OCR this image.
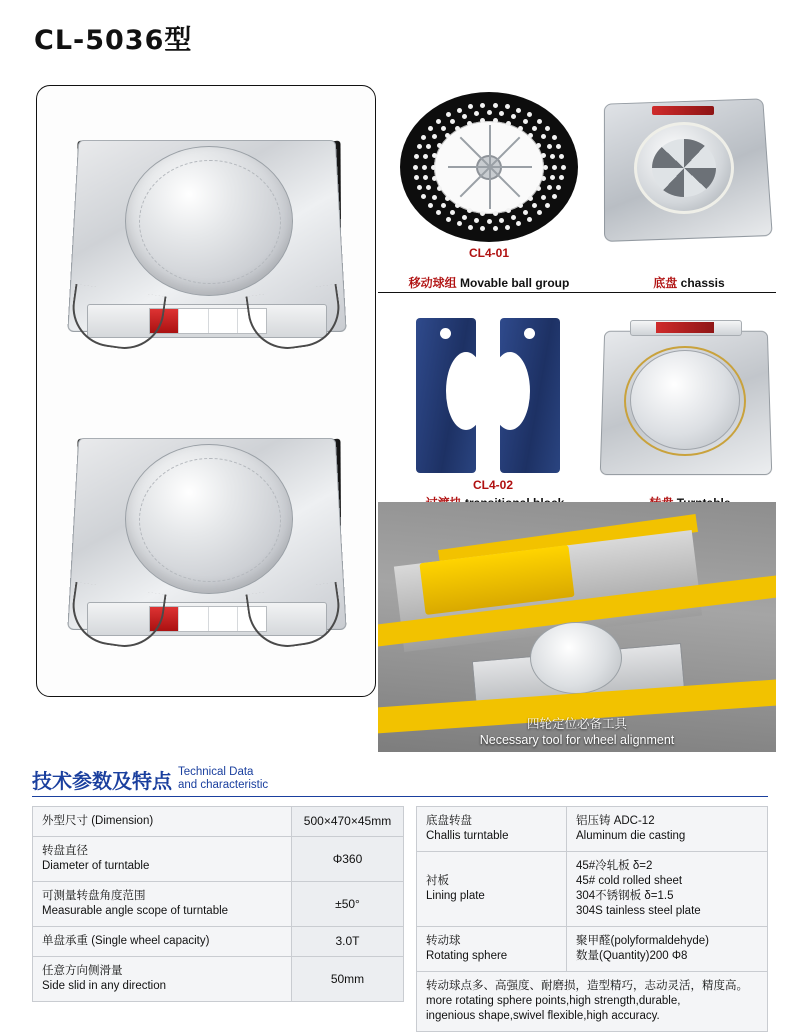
CL-5036型
CL4-01
移动球组 Movable ball group	底盘 chassis
CL4-02
四轮定位必备工具
Necessary tool for wheel alignment
技术参数及特点 Technical Data
and characteristic
外型尺寸 (Dimension)	500×470×45mm

转盘直径
Diameter of turntable	Φ360

可测量转盘角度范围
Measurable angle scope of turntable	±50°

单盘承重 (Single wheel capacity)	3.0T

任意方向侧滑量
Side slid in any direction	50mm
底盘转盘
Challis turntable	铝压铸 ADC-12
Aluminum die casting

衬板
Lining plate	45#冷轧板 δ=2
45# cold rolled sheet
304不锈钢板 δ=1.5
304S tainless steel plate

转动球
Rotating sphere	聚甲醛(polyformaldehyde)
数量(Quantity)200 Φ8

转动球点多、高强度、耐磨损，造型精巧，志动灵活，精度高。
more rotating sphere points,high strength,durable,
ingenious shape,swivel flexible,high accuracy.	
